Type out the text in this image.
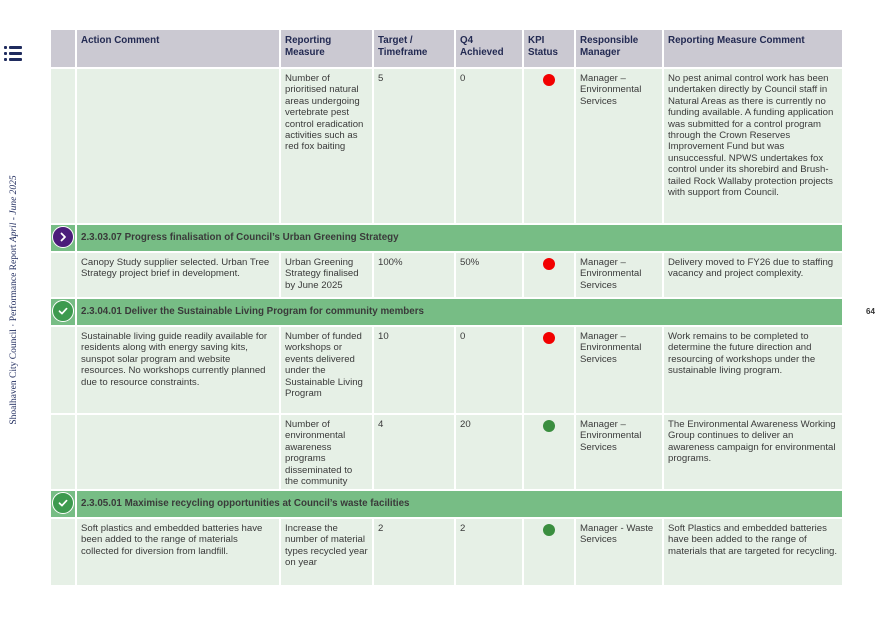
Shoalhaven City Council · Performance Report April - June 2025
64
	Action Comment	Reporting Measure	Target / Timeframe	Q4 Achieved	KPI Status	Responsible Manager	Reporting Measure Comment
		Number of prioritised natural areas undergoing vertebrate pest control eradication activities such as red fox baiting	5	0		Manager – Environmental Services	No pest animal control work has been undertaken directly by Council staff in Natural Areas as there is currently no funding available. A funding application was submitted for a control program through the Crown Reserves Improvement Fund but was unsuccessful. NPWS undertakes fox control under its shorebird and Brush-tailed Rock Wallaby protection projects with support from Council.

	2.3.03.07 Progress finalisation of Council’s Urban Greening Strategy						
	Canopy Study supplier selected. Urban Tree Strategy project brief in development.	Urban Greening Strategy finalised by June 2025	100%	50%		Manager – Environmental Services	Delivery moved to FY26 due to staffing vacancy and project complexity.

	2.3.04.01 Deliver the Sustainable Living Program for community members						
	Sustainable living guide readily available for residents along with energy saving kits, sunspot solar program and website resources. No workshops currently planned due to resource constraints.	Number of funded workshops or events delivered under the Sustainable Living Program	10	0		Manager – Environmental Services	Work remains to be completed to determine the future direction and resourcing of workshops under the sustainable living program.
		Number of environmental awareness programs disseminated to the community	4	20		Manager – Environmental Services	The Environmental Awareness Working Group continues to deliver an awareness campaign for environmental programs.

	2.3.05.01 Maximise recycling opportunities at Council’s waste facilities						
	Soft plastics and embedded batteries have been added to the range of materials collected for diversion from landfill.	Increase the number of material types recycled year on year	2	2		Manager - Waste Services	Soft Plastics and embedded batteries have been added to the range of materials that are targeted for recycling.
